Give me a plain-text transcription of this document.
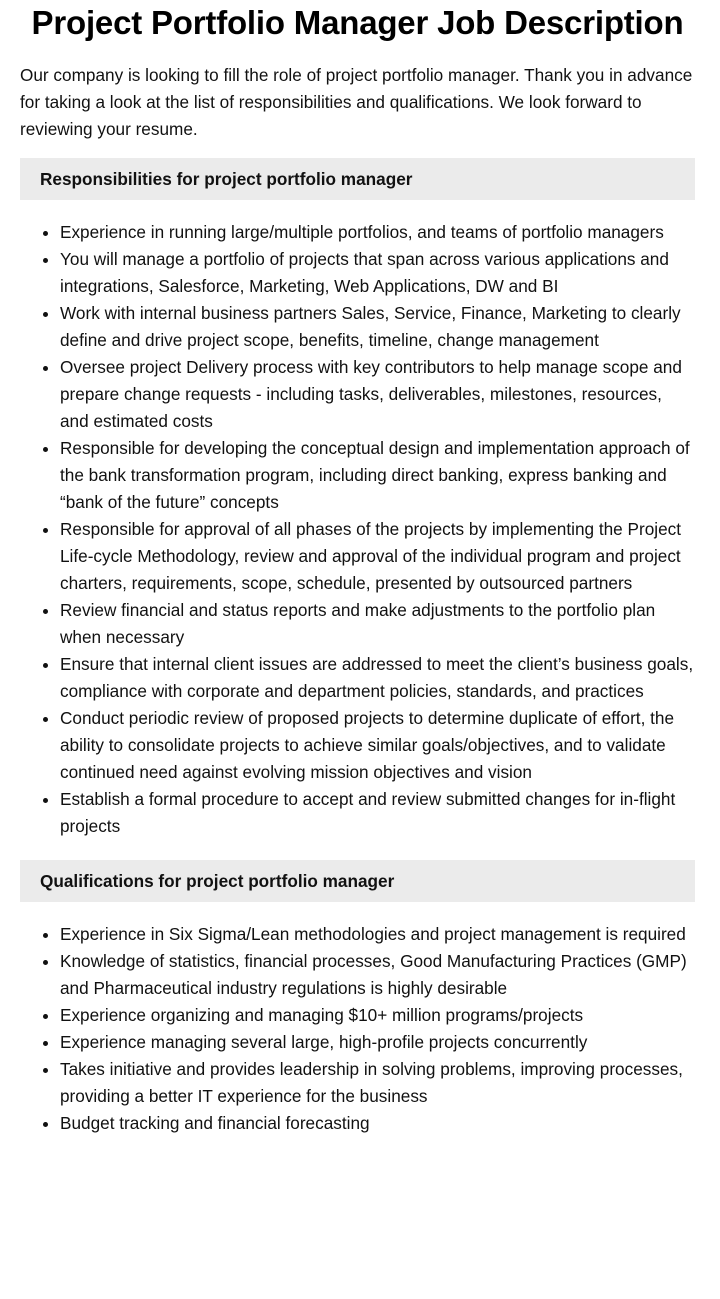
Project Portfolio Manager Job Description

Our company is looking to fill the role of project portfolio manager. Thank you in advance for taking a look at the list of responsibilities and qualifications. We look forward to reviewing your resume.

Responsibilities for project portfolio manager
• Experience in running large/multiple portfolios, and teams of portfolio managers
• You will manage a portfolio of projects that span across various applications and integrations, Salesforce, Marketing, Web Applications, DW and BI
• Work with internal business partners Sales, Service, Finance, Marketing to clearly define and drive project scope, benefits, timeline, change management
• Oversee project Delivery process with key contributors to help manage scope and prepare change requests - including tasks, deliverables, milestones, resources, and estimated costs
• Responsible for developing the conceptual design and implementation approach of the bank transformation program, including direct banking, express banking and “bank of the future” concepts
• Responsible for approval of all phases of the projects by implementing the Project Life-cycle Methodology, review and approval of the individual program and project charters, requirements, scope, schedule, presented by outsourced partners
• Review financial and status reports and make adjustments to the portfolio plan when necessary
• Ensure that internal client issues are addressed to meet the client’s business goals, compliance with corporate and department policies, standards, and practices
• Conduct periodic review of proposed projects to determine duplicate of effort, the ability to consolidate projects to achieve similar goals/objectives, and to validate continued need against evolving mission objectives and vision
• Establish a formal procedure to accept and review submitted changes for in-flight projects
Qualifications for project portfolio manager
• Experience in Six Sigma/Lean methodologies and project management is required
• Knowledge of statistics, financial processes, Good Manufacturing Practices (GMP) and Pharmaceutical industry regulations is highly desirable
• Experience organizing and managing $10+ million programs/projects
• Experience managing several large, high-profile projects concurrently
• Takes initiative and provides leadership in solving problems, improving processes, providing a better IT experience for the business
• Budget tracking and financial forecasting
